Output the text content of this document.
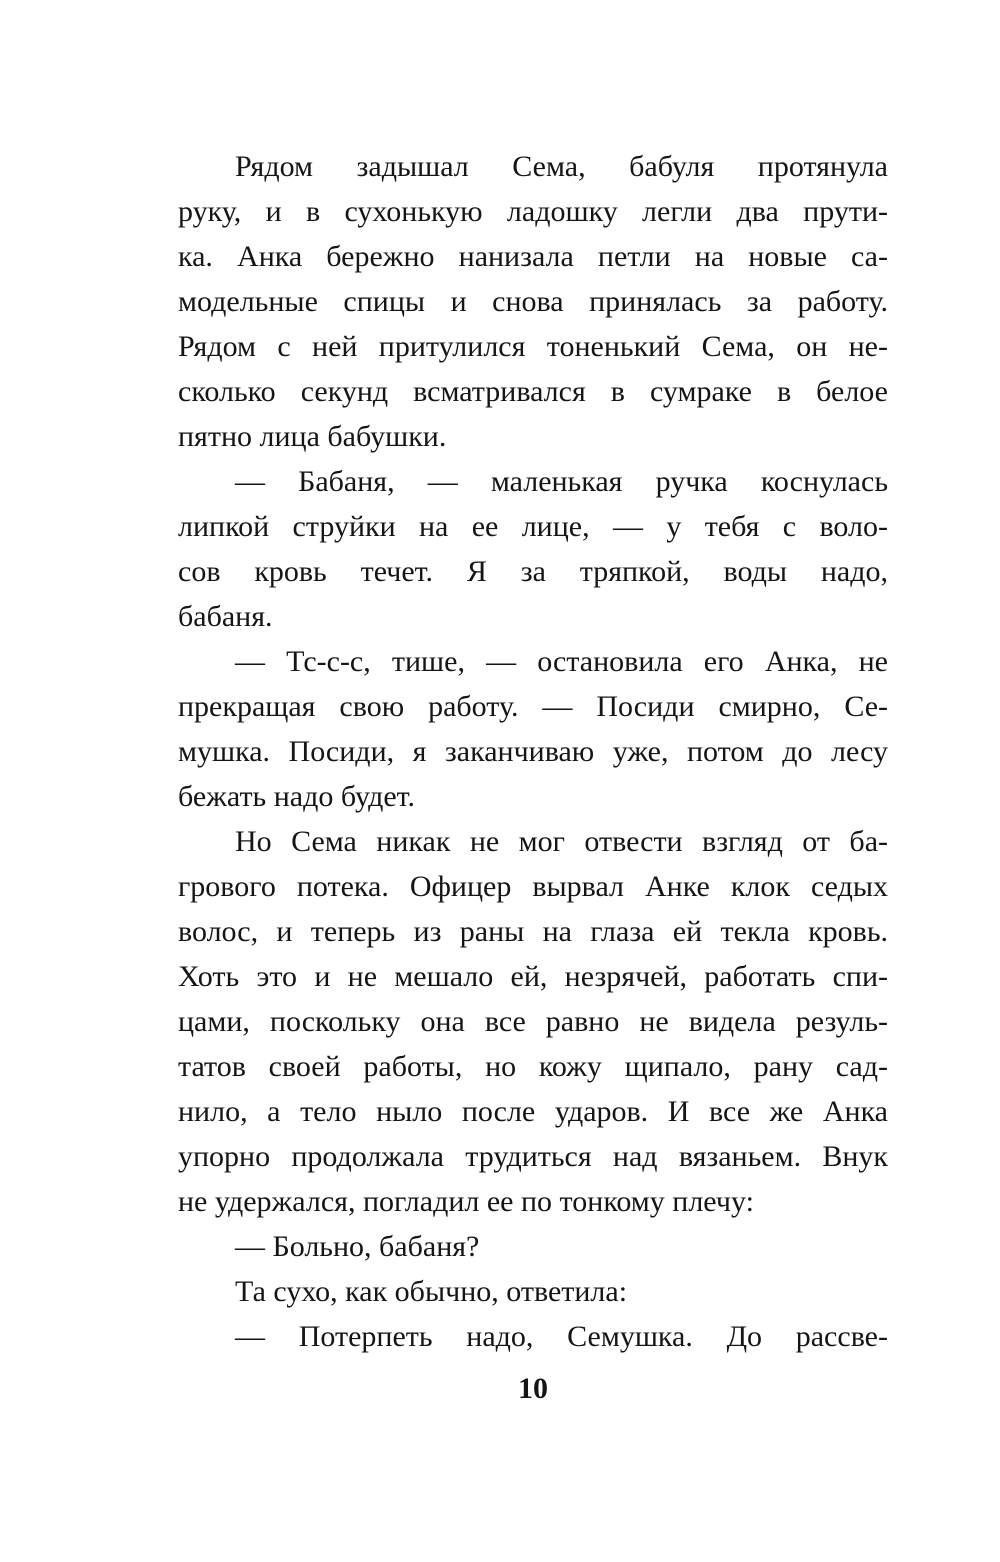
Рядом задышал Сема, бабуля протянула
руку, и в сухонькую ладошку легли два прути-
ка. Анка бережно нанизала петли на новые са-
модельные спицы и снова принялась за работу.
Рядом с ней притулился тоненький Сема, он не-
сколько секунд всматривался в сумраке в белое
пятно лица бабушки.
— Бабаня, — маленькая ручка коснулась
липкой струйки на ее лице, — у тебя с воло-
сов кровь течет. Я за тряпкой, воды надо,
бабаня.
— Тс-с-с, тише, — остановила его Анка, не
прекращая свою работу. — Посиди смирно, Се-
мушка. Посиди, я заканчиваю уже, потом до лесу
бежать надо будет.
Но Сема никак не мог отвести взгляд от ба-
грового потека. Офицер вырвал Анке клок седых
волос, и теперь из раны на глаза ей текла кровь.
Хоть это и не мешало ей, незрячей, работать спи-
цами, поскольку она все равно не видела резуль-
татов своей работы, но кожу щипало, рану сад-
нило, а тело ныло после ударов. И все же Анка
упорно продолжала трудиться над вязаньем. Внук
не удержался, погладил ее по тонкому плечу:
— Больно, бабаня?
Та сухо, как обычно, ответила:
— Потерпеть надо, Семушка. До рассве-
10
